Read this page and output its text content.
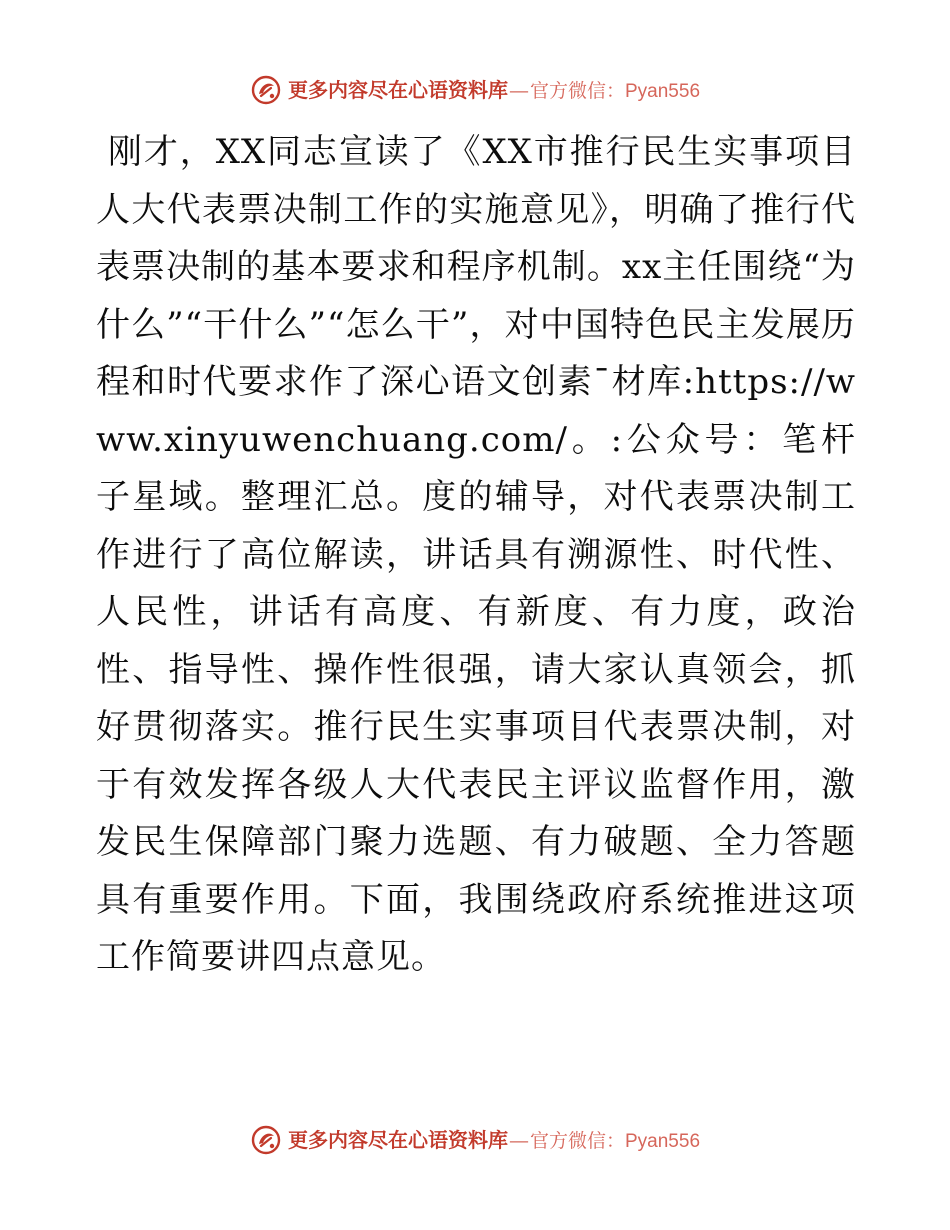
更多内容尽在心语资料库 — 官方微信： Pyan556

刚才，XX同志宣读了《XX市推行民生实事项目人大代表票决制工作的实施意见》，明确了推行代表票决制的基本要求和程序机制。xx主任围绕“为什么”“干什么”“怎么干”，对中国特色民主发展历程和时代要求作了深心语文创素¯材库:https://www.xinyuwenchuang.com/。:公众号：笔杆子星域。整理汇总。度的辅导，对代表票决制工作进行了高位解读，讲话具有溯源性、时代性、人民性，讲话有高度、有新度、有力度，政治性、指导性、操作性很强，请大家认真领会，抓好贯彻落实。推行民生实事项目代表票决制，对于有效发挥各级人大代表民主评议监督作用，激发民生保障部门聚力选题、有力破题、全力答题具有重要作用。下面，我围绕政府系统推进这项工作简要讲四点意见。

更多内容尽在心语资料库 — 官方微信： Pyan556
